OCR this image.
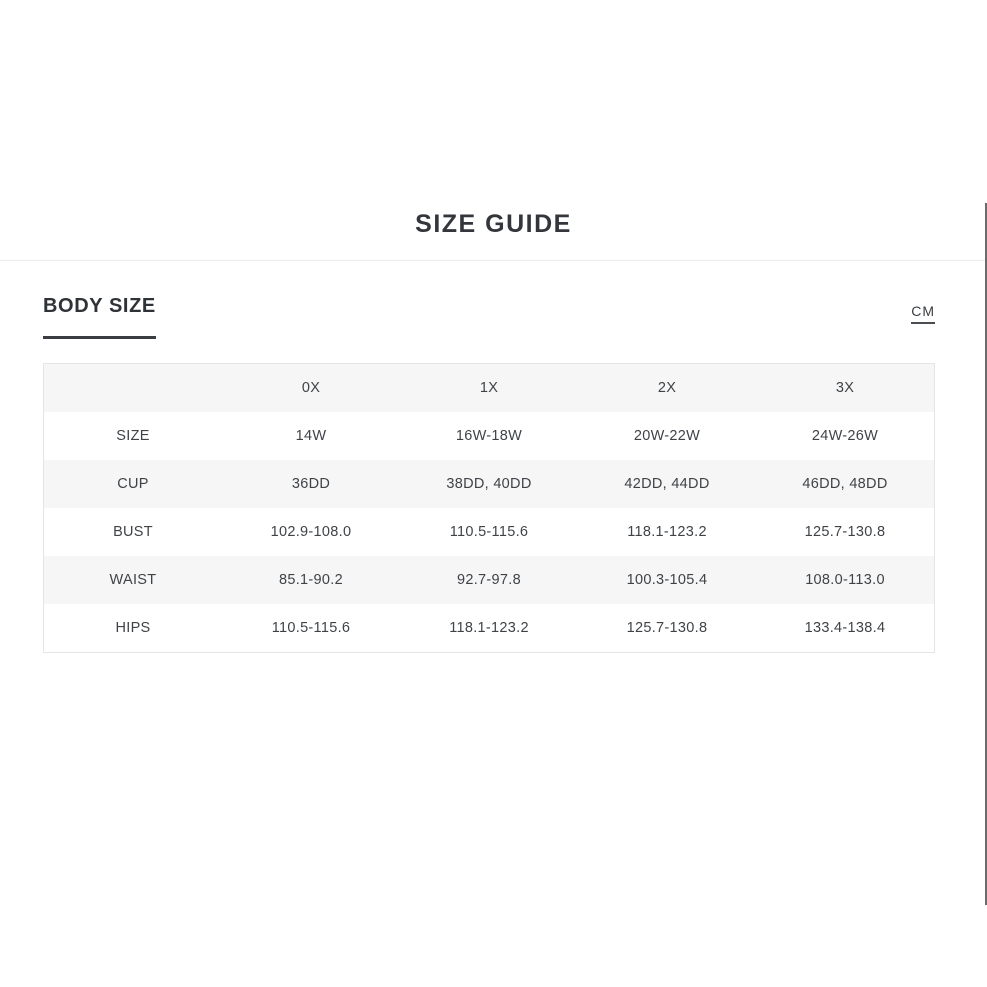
SIZE GUIDE
BODY SIZE	CM
	0X	1X	2X	3X
SIZE	14W	16W-18W	20W-22W	24W-26W
CUP	36DD	38DD, 40DD	42DD, 44DD	46DD, 48DD
BUST	102.9-108.0	110.5-115.6	118.1-123.2	125.7-130.8
WAIST	85.1-90.2	92.7-97.8	100.3-105.4	108.0-113.0
HIPS	110.5-115.6	118.1-123.2	125.7-130.8	133.4-138.4
